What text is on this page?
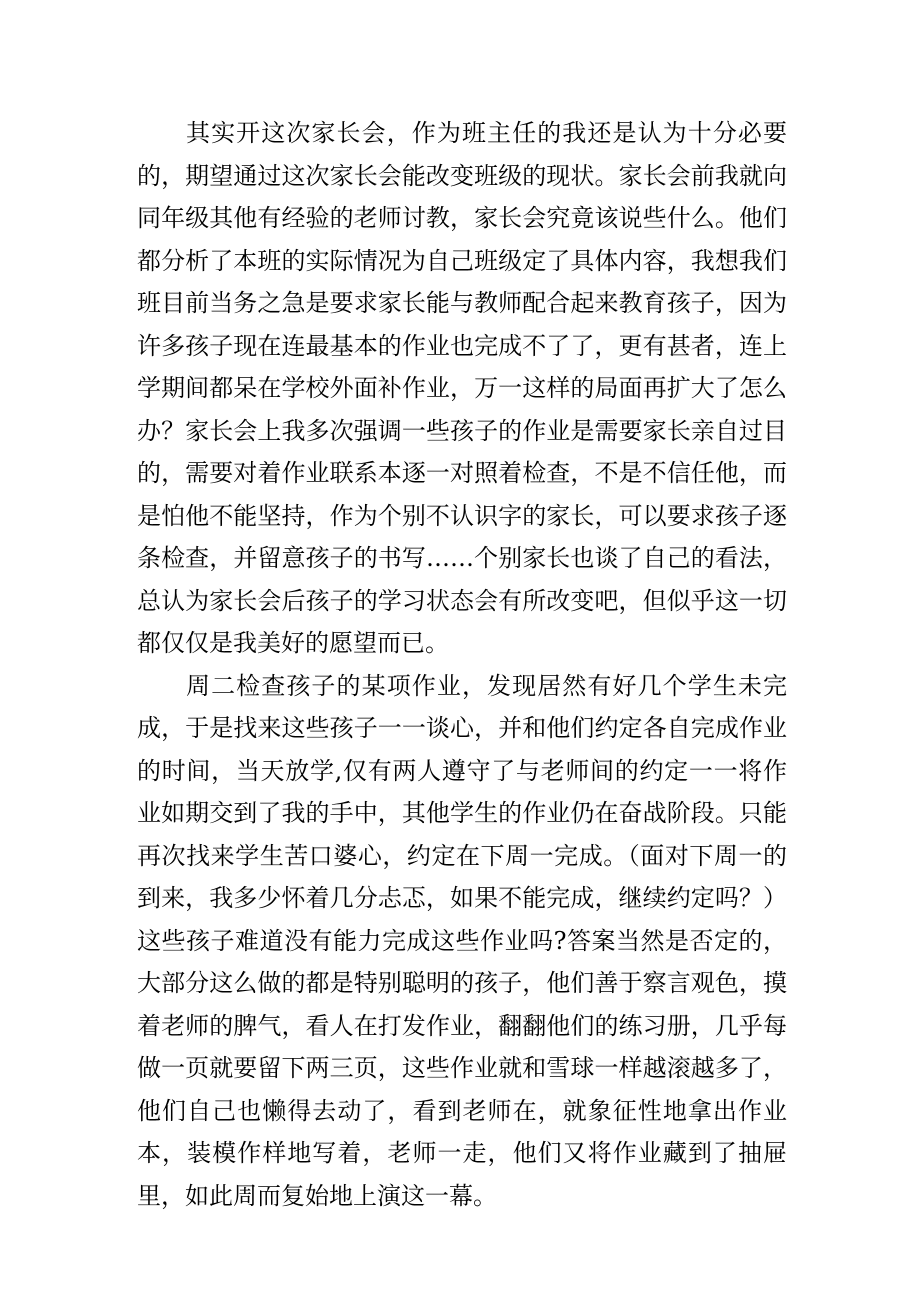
其实开这次家长会，作为班主任的我还是认为十分必要的，期望通过这次家长会能改变班级的现状。家长会前我就向同年级其他有经验的老师讨教，家长会究竟该说些什么。他们都分析了本班的实际情况为自己班级定了具体内容，我想我们班目前当务之急是要求家长能与教师配合起来教育孩子，因为许多孩子现在连最基本的作业也完成不了了，更有甚者，连上学期间都呆在学校外面补作业，万一这样的局面再扩大了怎么办？家长会上我多次强调一些孩子的作业是需要家长亲自过目的，需要对着作业联系本逐一对照着检查，不是不信任他，而是怕他不能坚持，作为个别不认识字的家长，可以要求孩子逐条检查，并留意孩子的书写……个别家长也谈了自己的看法，总认为家长会后孩子的学习状态会有所改变吧，但似乎这一切都仅仅是我美好的愿望而已。

周二检查孩子的某项作业，发现居然有好几个学生未完成，于是找来这些孩子一一谈心，并和他们约定各自完成作业的时间，当天放学,仅有两人遵守了与老师间的约定一一将作业如期交到了我的手中，其他学生的作业仍在奋战阶段。只能再次找来学生苦口婆心，约定在下周一完成。（面对下周一的到来，我多少怀着几分忐忑，如果不能完成，继续约定吗？）这些孩子难道没有能力完成这些作业吗?答案当然是否定的，大部分这么做的都是特别聪明的孩子，他们善于察言观色，摸着老师的脾气，看人在打发作业，翻翻他们的练习册，几乎每做一页就要留下两三页，这些作业就和雪球一样越滚越多了，他们自己也懒得去动了，看到老师在，就象征性地拿出作业本，装模作样地写着，老师一走，他们又将作业藏到了抽屉里，如此周而复始地上演这一幕。
